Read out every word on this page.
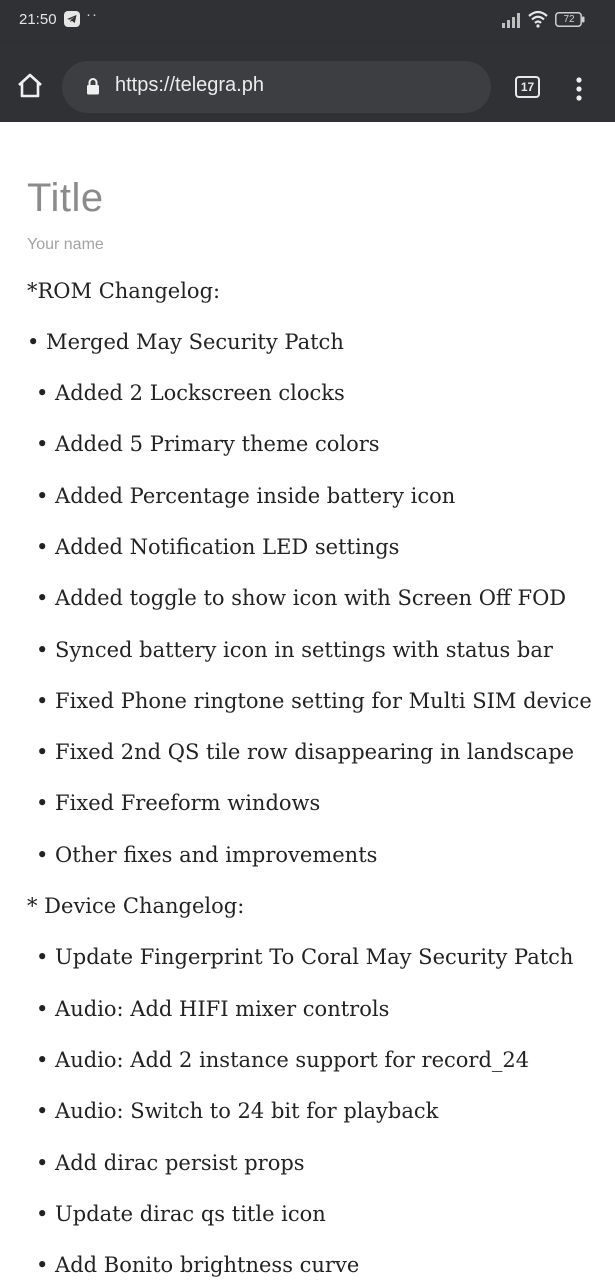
21:50 ··	72
https://telegra.ph	17
Title
Your name
*ROM Changelog:
• Merged May Security Patch
• Added 2 Lockscreen clocks
• Added 5 Primary theme colors
• Added Percentage inside battery icon
• Added Notification LED settings
• Added toggle to show icon with Screen Off FOD
• Synced battery icon in settings with status bar
• Fixed Phone ringtone setting for Multi SIM device
• Fixed 2nd QS tile row disappearing in landscape
• Fixed Freeform windows
• Other fixes and improvements
* Device Changelog:
• Update Fingerprint To Coral May Security Patch
• Audio: Add HIFI mixer controls
• Audio: Add 2 instance support for record_24
• Audio: Switch to 24 bit for playback
• Add dirac persist props
• Update dirac qs title icon
• Add Bonito brightness curve
